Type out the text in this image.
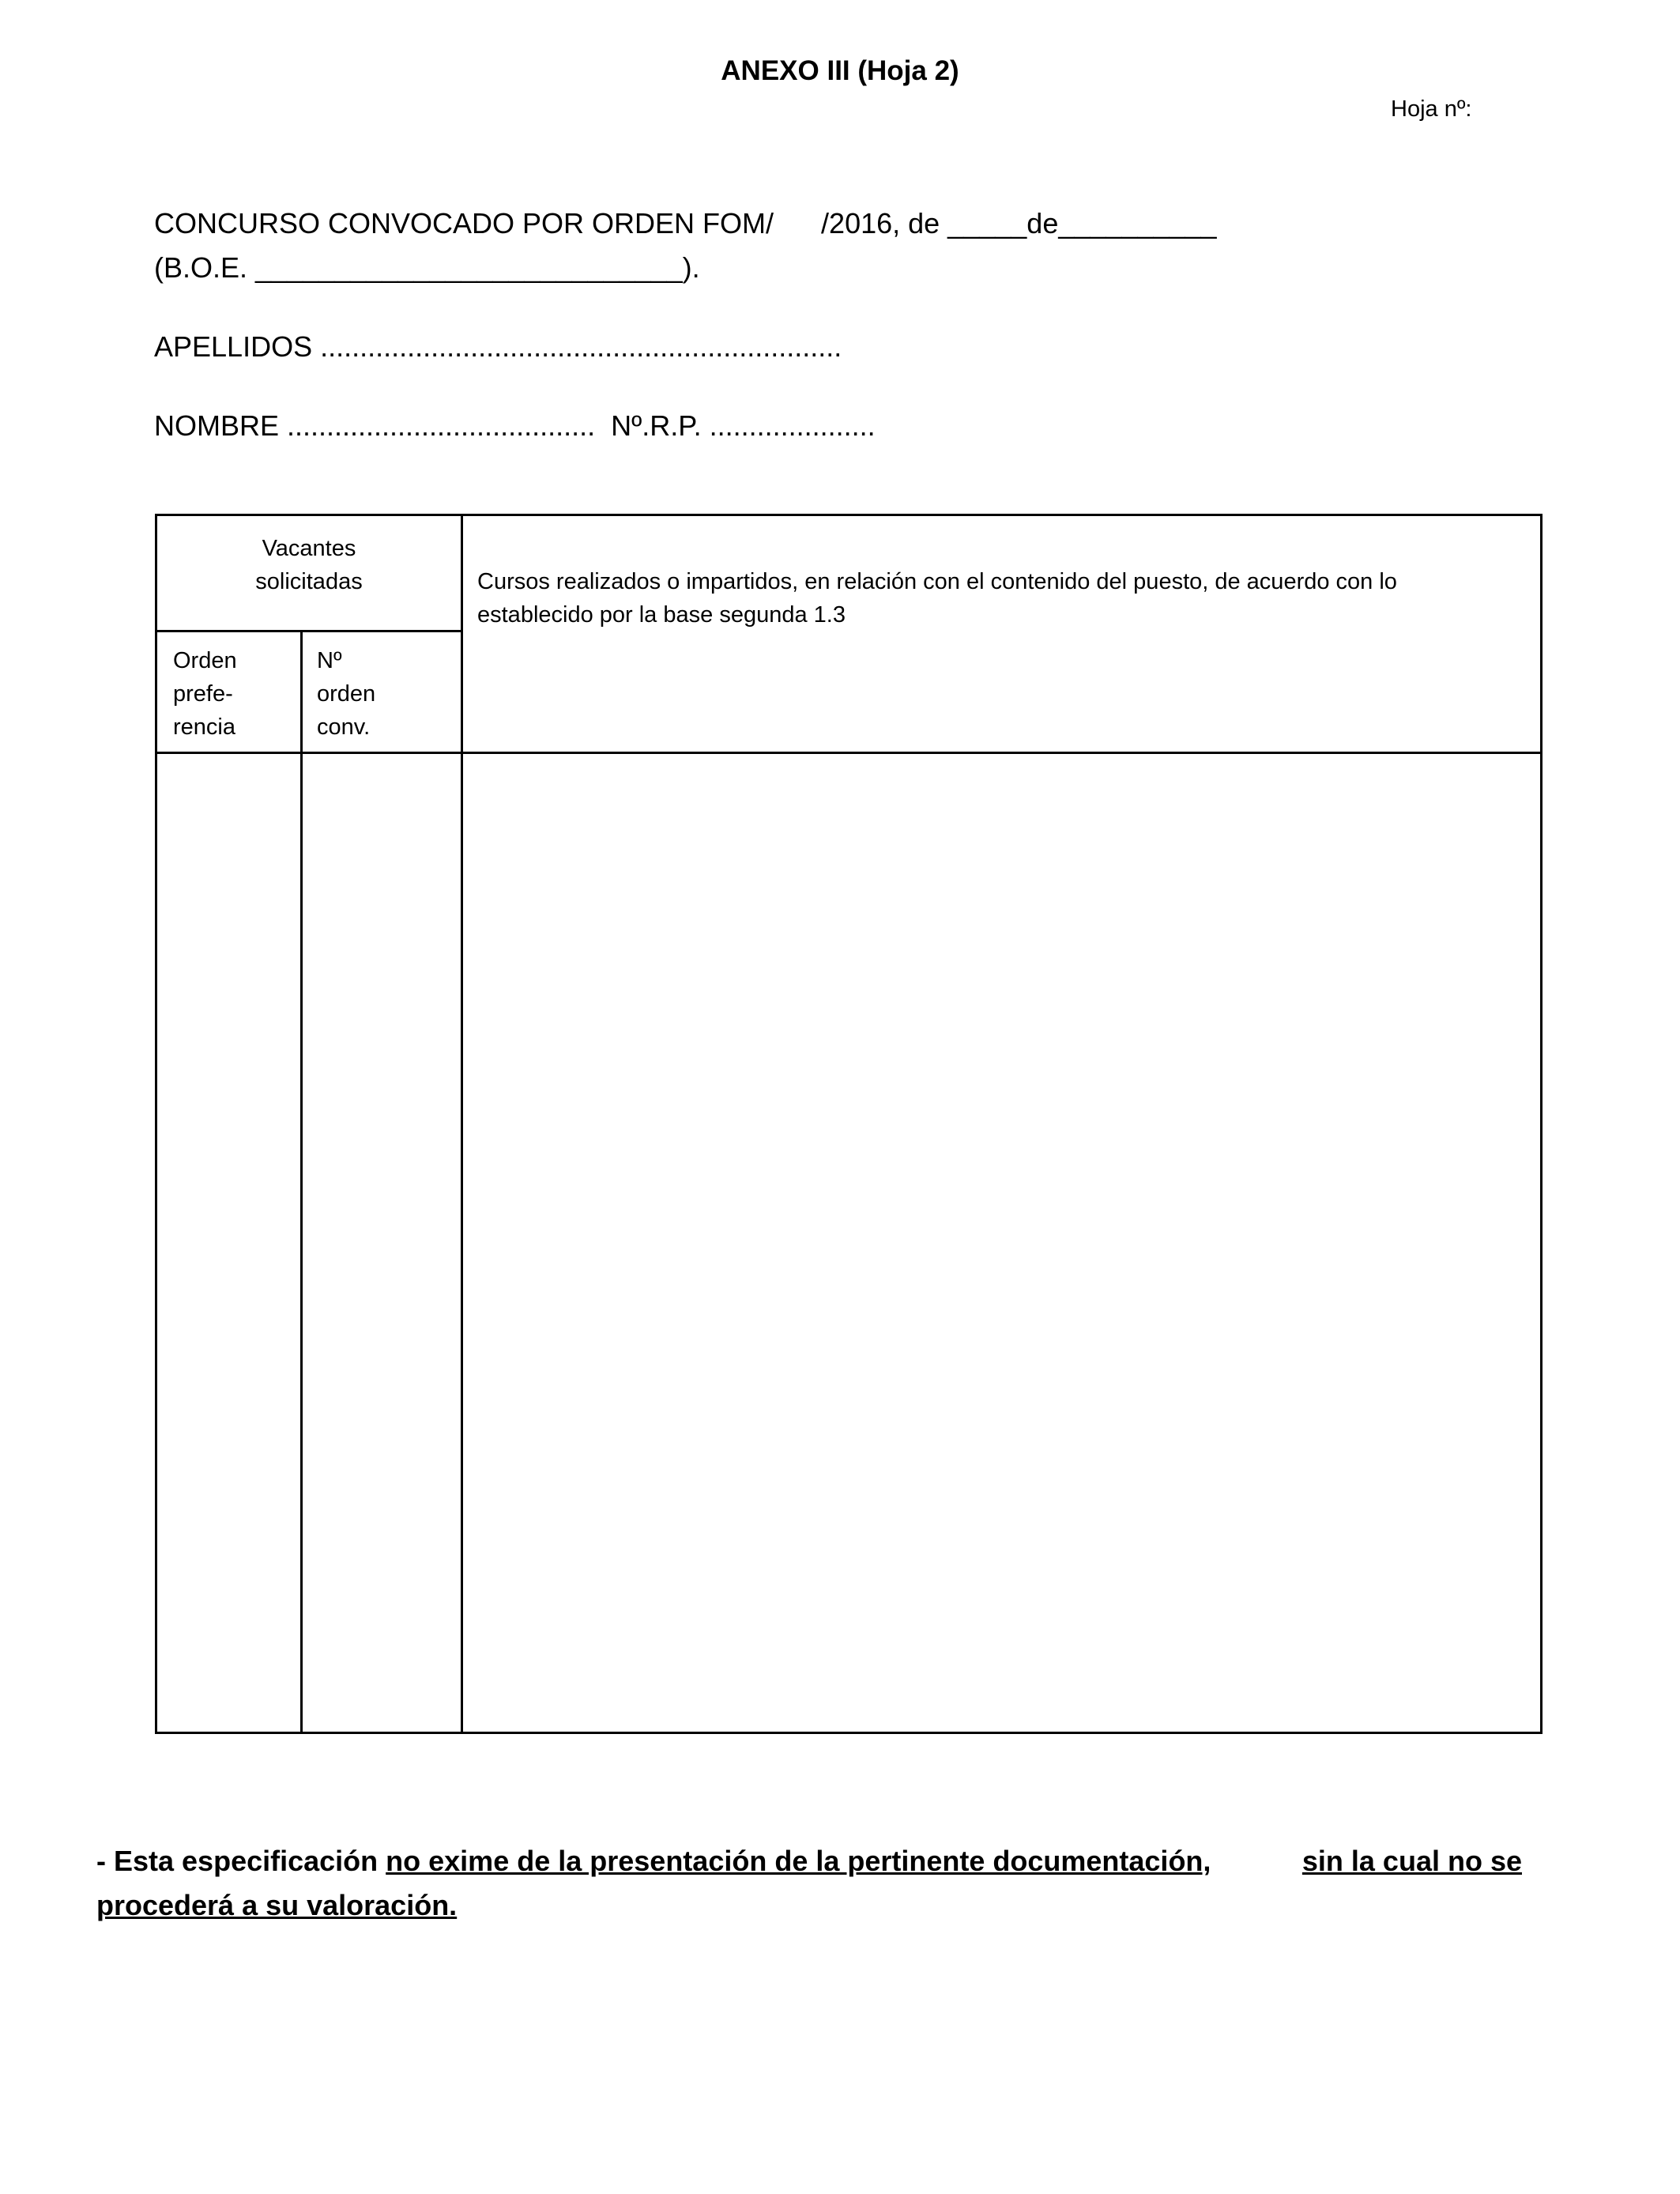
ANEXO III (Hoja 2)
Hoja nº:
CONCURSO CONVOCADO POR ORDEN FOM/      /2016, de _____de__________
(B.O.E. ___________________________).
APELLIDOS ..................................................................
NOMBRE .......................................  Nº.R.P. .....................
Vacantes
solicitadas
Orden
prefe-
rencia
Nº
orden
conv.
Cursos realizados o impartidos, en relación con el contenido del puesto, de acuerdo con lo
establecido por la base segunda 1.3
- Esta especificación no exime de la presentación de la pertinente documentación,	sin la cual no se
procederá a su valoración.
